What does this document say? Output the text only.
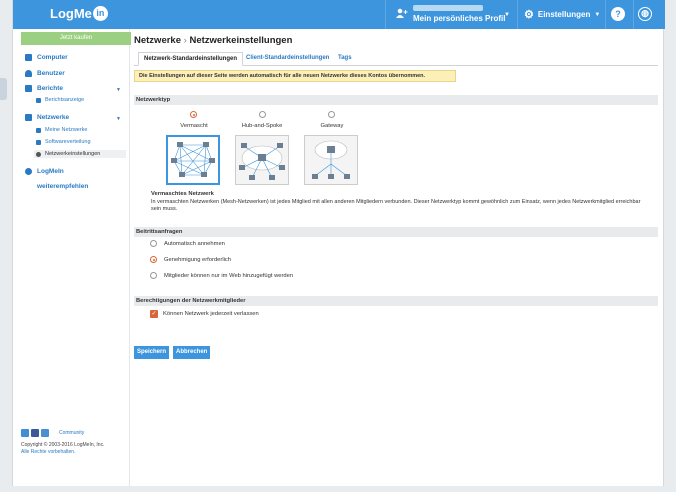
LogMe in
Mein persönliches Profil
▼ ⚙ Einstellungen ▼	?	◍
Jetzt kaufen
Computer
Benutzer
Berichte	▼
Berichtsanzeige
Netzwerke	▼
Meine Netzwerke
Softwareverteilung
Netzwerkeinstellungen
LogMeIn
weiterempfehlen
Community
Copyright © 2003-2016 LogMeIn, Inc.
Alle Rechte vorbehalten.
Netzwerke › Netzwerkeinstellungen
Netzwerk-Standardeinstellungen	Client-Standardeinstellungen	Tags
Die Einstellungen auf dieser Seite werden automatisch für alle neuen Netzwerke dieses Kontos übernommen.
Netzwerktyp
Vermascht	Hub-and-Spoke	Gateway
Vermaschtes Netzwerk
In vermaschten Netzwerken (Mesh-Netzwerken) ist jedes Mitglied mit allen anderen Mitgliedern verbunden. Dieser Netzwerktyp kommt gewöhnlich zum Einsatz, wenn jedes Netzwerkmitglied erreichbar sein muss.
Beitrittsanfragen
Automatisch annehmen
Genehmigung erforderlich
Mitglieder können nur im Web hinzugefügt werden
Berechtigungen der Netzwerkmitglieder
✓ Können Netzwerk jederzeit verlassen
Speichern	Abbrechen
